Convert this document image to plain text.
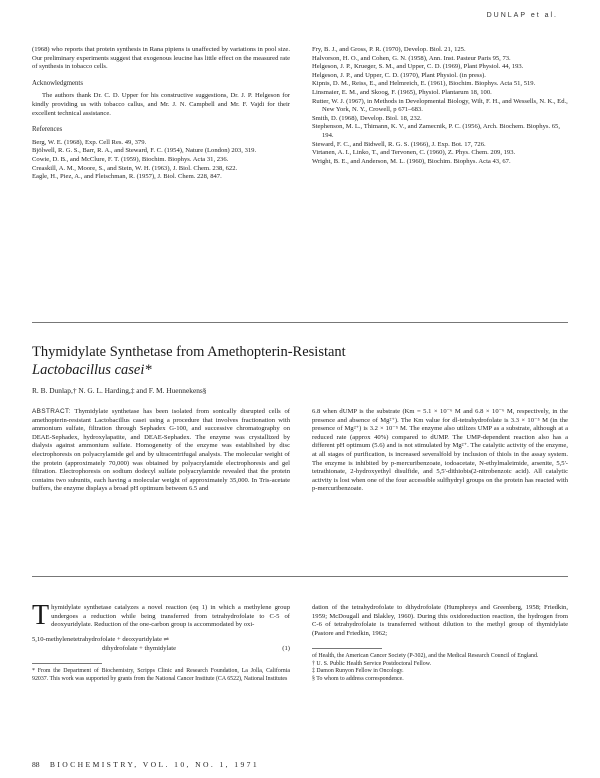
DUNLAP et al.

(1968) who reports that protein synthesis in Rana pipiens is unaffected by variations in pool size. Our preliminary experiments suggest that exogenous leucine has little effect on the measured rate of synthesis in tobacco cells.

Acknowledgments

The authors thank Dr. C. D. Upper for his constructive suggestions, Dr. J. P. Helgeson for kindly providing us with tobacco callus, and Mr. J. N. Campbell and Mr. F. Vajdi for their excellent technical assistance.

References
Berg, W. E. (1968), Exp. Cell Res. 49, 379.
Bjölwell, R. G. S., Barr, R. A., and Steward, F. C. (1954), Nature (London) 203, 319.
Cowie, D. B., and McClure, F. T. (1959), Biochim. Biophys. Acta 31, 236.
Creaskill, A. M., Moore, S., and Stein, W. H. (1963), J. Biol. Chem. 238, 622.
Eagle, H., Piez, A., and Fleischman, R. (1957), J. Biol. Chem. 228, 847.
Fry, B. J., and Gross, P. R. (1970), Develop. Biol. 21, 125.
Halvorson, H. O., and Cohen, G. N. (1958), Ann. Inst. Pasteur Paris 95, 73.
Helgeson, J. P., Krueger, S. M., and Upper, C. D. (1969), Plant Physiol. 44, 193.
Helgeson, J. P., and Upper, C. D. (1970), Plant Physiol. (in press).
Kipnis, D. M., Reiss, E., and Helmreich, E. (1961), Biochim. Biophys. Acta 51, 519.
Linsmaier, E. M., and Skoog, F. (1965), Physiol. Plantarum 18, 100.
Rutter, W. J. (1967), in Methods in Developmental Biology, Wilt, F. H., and Wessells, N. K., Ed., New York, N. Y., Crowell, p 671–683.
Smith, D. (1968), Develop. Biol. 18, 232.
Stephenson, M. L., Thimann, K. V., and Zamecnik, P. C. (1956), Arch. Biochem. Biophys. 65, 194.
Steward, F. C., and Bidwell, R. G. S. (1966), J. Exp. Bot. 17, 726.
Virtanen, A. I., Linko, T., and Tervonen, C. (1960), Z. Phys. Chem. 209, 193.
Wright, B. E., and Anderson, M. L. (1960), Biochim. Biophys. Acta 43, 67.
Thymidylate Synthetase from Amethopterin-Resistant
Lactobacillus casei*
R. B. Dunlap,† N. G. L. Harding,‡ and F. M. Huennekens§

ABSTRACT: Thymidylate synthetase has been isolated from sonically disrupted cells of amethopterin-resistant Lactobacillus casei using a procedure that involves fractionation with ammonium sulfate, filtration through Sephadex G-100, and successive chromatography on DEAE-Sephadex, hydroxylapatite, and DEAE-Sephadex. The enzyme was crystallized by dialysis against ammonium sulfate. Homogeneity of the enzyme was established by disc electrophoresis on polyacrylamide gel and by ultracentrifugal analysis. The molecular weight of the protein (approximately 70,000) was obtained by polyacrylamide electrophoresis and gel filtration. Electrophoresis on sodium dodecyl sulfate polyacrylamide revealed that the protein contains two subunits, each having a molecular weight of approximately 35,000. In Tris-acetate buffers, the enzyme displays a broad pH optimum between 6.5 and

6.8 when dUMP is the substrate (Km = 5.1 × 10⁻⁶ M and 6.8 × 10⁻⁶ M, respectively, in the presence and absence of Mg²⁺). The Km value for dl-tetrahydrofolate is 3.3 × 10⁻⁵ M (in the presence of Mg²⁺) is 3.2 × 10⁻⁵ M. The enzyme also utilizes UMP as a substrate, although at a reduced rate (approx 40%) compared to dUMP. The UMP-dependent reaction also has a different pH optimum (5.6) and is not stimulated by Mg²⁺. The catalytic activity of the enzyme, at all stages of purification, is increased severalfold by inclusion of thiols in the assay system. The enzyme is inhibited by p-mercuribenzoate, iodoacetate, N-ethylmaleimide, arsenite, 5,5'-tetrathionate, 2-hydroxyethyl disulfide, and 5,5'-dithiobis(2-nitrobenzoic acid). All catalytic activity is lost when one of the four accessible sulfhydryl groups on the protein has reacted with p-mercuribenzoate.

T hymidylate synthetase catalyzes a novel reaction (eq 1) in which a methylene group undergoes a reduction while being transferred from tetrahydrofolate to C-5 of deoxyuridylate. Reduction of the one-carbon group is accommodated by oxi-

5,10-methylenetetrahydrofolate + deoxyuridylate ⇌
dihydrofolate + thymidylate	(1)

* From the Department of Biochemistry, Scripps Clinic and Research Foundation, La Jolla, California 92037. This work was supported by grants from the National Cancer Institute (CA 6522), National Institutes

dation of the tetrahydrofolate to dihydrofolate (Humphreys and Greenberg, 1958; Friedkin, 1959; McDougall and Blakley, 1960). During this oxidoreduction reaction, the hydrogen from C-6 of tetrahydrofolate is transferred without dilution to the methyl group of thymidylate (Pastore and Friedkin, 1962;

of Health, the American Cancer Society (P-302), and the Medical Research Council of England.

† U. S. Public Health Service Postdoctoral Fellow.

‡ Damon Runyon Fellow in Oncology.

§ To whom to address correspondence.

88 BIOCHEMISTRY, VOL. 10, NO. 1, 1971
